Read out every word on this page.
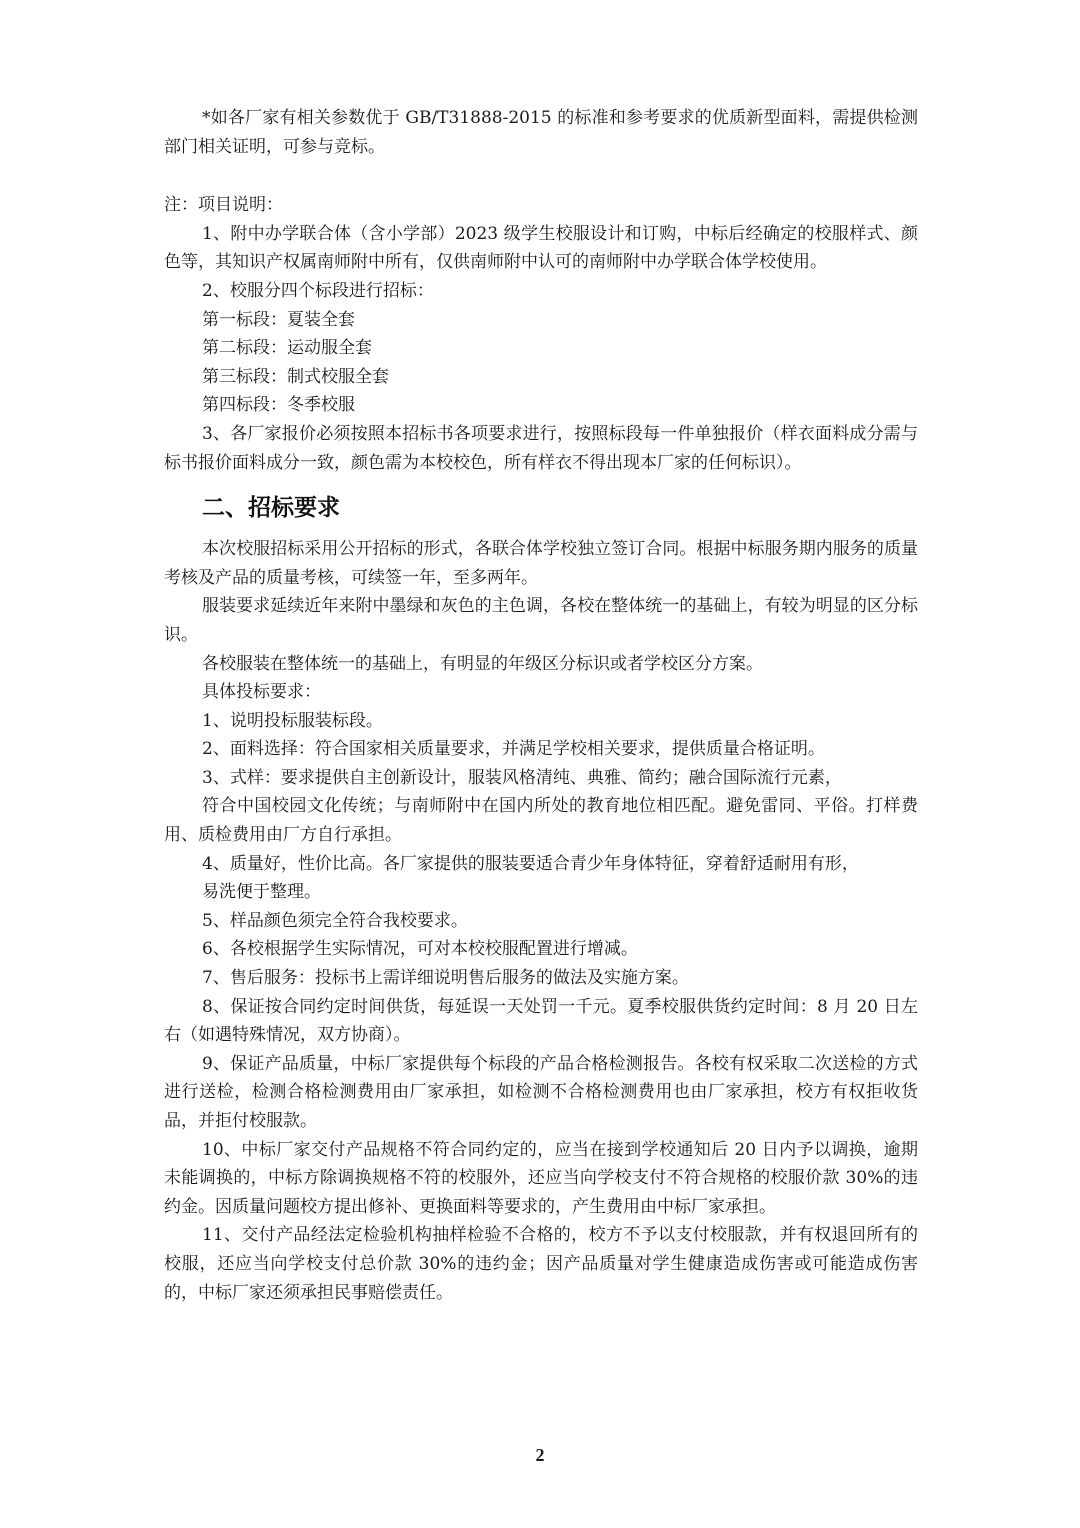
*如各厂家有相关参数优于 GB/T31888-2015 的标准和参考要求的优质新型面料，需提供检测部门相关证明，可参与竞标。

注：项目说明：

1、附中办学联合体（含小学部）2023 级学生校服设计和订购，中标后经确定的校服样式、颜色等，其知识产权属南师附中所有，仅供南师附中认可的南师附中办学联合体学校使用。

2、校服分四个标段进行招标：

第一标段：夏装全套

第二标段：运动服全套

第三标段：制式校服全套

第四标段：冬季校服

3、各厂家报价必须按照本招标书各项要求进行，按照标段每一件单独报价（样衣面料成分需与标书报价面料成分一致，颜色需为本校校色，所有样衣不得出现本厂家的任何标识）。

二、招标要求

本次校服招标采用公开招标的形式，各联合体学校独立签订合同。根据中标服务期内服务的质量考核及产品的质量考核，可续签一年，至多两年。

服装要求延续近年来附中墨绿和灰色的主色调，各校在整体统一的基础上，有较为明显的区分标识。

各校服装在整体统一的基础上，有明显的年级区分标识或者学校区分方案。

具体投标要求：

1、说明投标服装标段。

2、面料选择：符合国家相关质量要求，并满足学校相关要求，提供质量合格证明。

3、式样：要求提供自主创新设计，服装风格清纯、典雅、简约；融合国际流行元素，

符合中国校园文化传统；与南师附中在国内所处的教育地位相匹配。避免雷同、平俗。打样费用、质检费用由厂方自行承担。

4、质量好，性价比高。各厂家提供的服装要适合青少年身体特征，穿着舒适耐用有形，

易洗便于整理。

5、样品颜色须完全符合我校要求。

6、各校根据学生实际情况，可对本校校服配置进行增减。

7、售后服务：投标书上需详细说明售后服务的做法及实施方案。

8、保证按合同约定时间供货，每延误一天处罚一千元。夏季校服供货约定时间：8 月 20 日左右（如遇特殊情况，双方协商）。

9、保证产品质量，中标厂家提供每个标段的产品合格检测报告。各校有权采取二次送检的方式进行送检，检测合格检测费用由厂家承担，如检测不合格检测费用也由厂家承担，校方有权拒收货品，并拒付校服款。

10、中标厂家交付产品规格不符合同约定的，应当在接到学校通知后 20 日内予以调换，逾期未能调换的，中标方除调换规格不符的校服外，还应当向学校支付不符合规格的校服价款 30%的违约金。因质量问题校方提出修补、更换面料等要求的，产生费用由中标厂家承担。

11、交付产品经法定检验机构抽样检验不合格的，校方不予以支付校服款，并有权退回所有的校服，还应当向学校支付总价款 30%的违约金；因产品质量对学生健康造成伤害或可能造成伤害的，中标厂家还须承担民事赔偿责任。

2
